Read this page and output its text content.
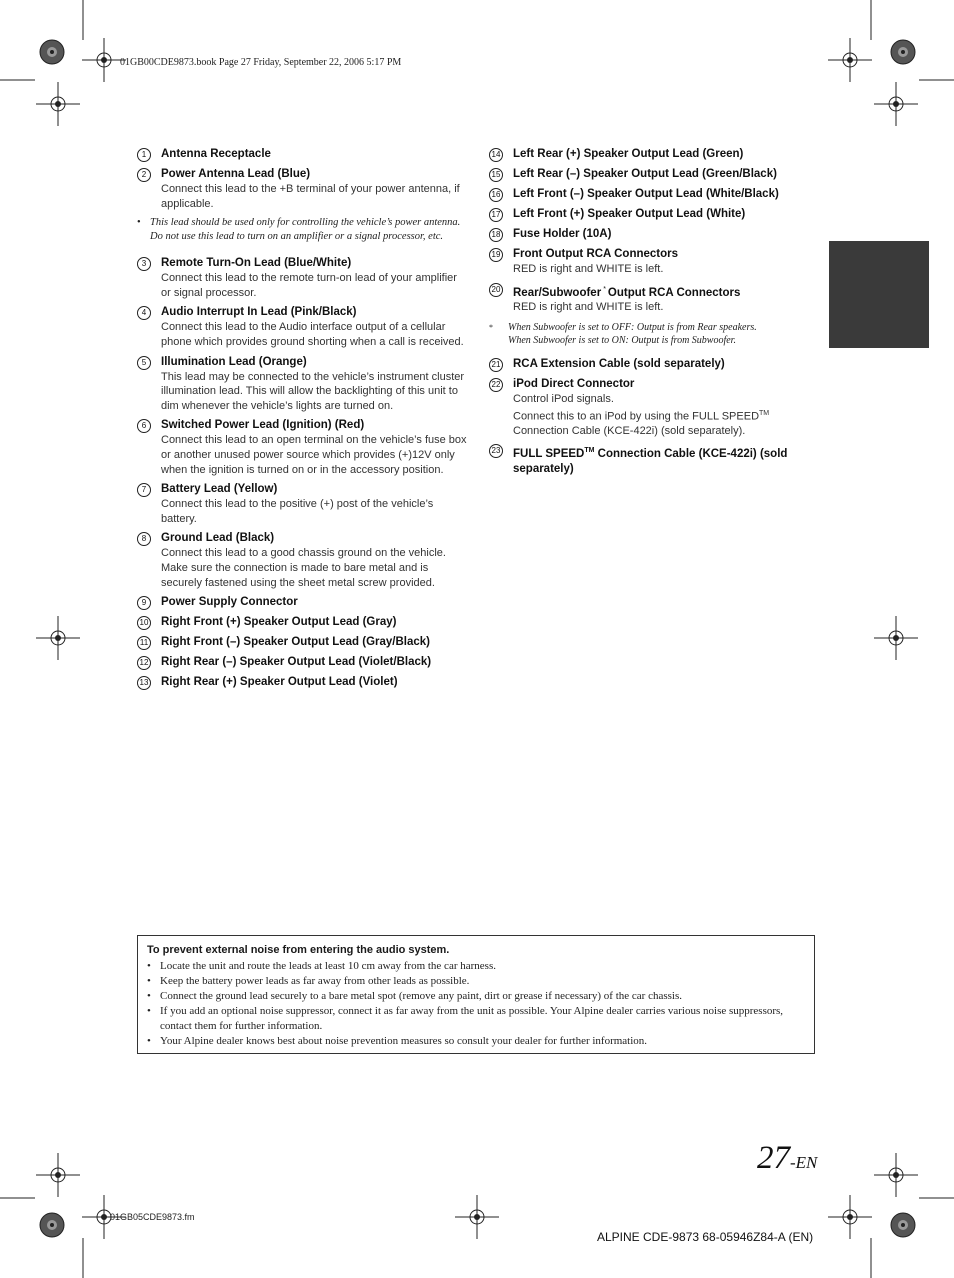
01GB00CDE9873.book Page 27 Friday, September 22, 2006 5:17 PM
1	Antenna Receptacle
2	Power Antenna Lead (Blue)
Connect this lead to the +B terminal of your power antenna, if applicable.
• This lead should be used only for controlling the vehicle’s power antenna. Do not use this lead to turn on an amplifier or a signal processor, etc.
3	Remote Turn-On Lead (Blue/White)
Connect this lead to the remote turn-on lead of your amplifier or signal processor.
4	Audio Interrupt In Lead (Pink/Black)
Connect this lead to the Audio interface output of a cellular phone which provides ground shorting when a call is received.
5	Illumination Lead (Orange)
This lead may be connected to the vehicle’s instrument cluster illumination lead. This will allow the backlighting of this unit to dim whenever the vehicle’s lights are turned on.
6	Switched Power Lead (Ignition) (Red)
Connect this lead to an open terminal on the vehicle’s fuse box or another unused power source which provides (+)12V only when the ignition is turned on or in the accessory position.
7	Battery Lead (Yellow)
Connect this lead to the positive (+) post of the vehicle’s battery.
8	Ground Lead (Black)
Connect this lead to a good chassis ground on the vehicle. Make sure the connection is made to bare metal and is securely fastened using the sheet metal screw provided.
9	Power Supply Connector
10 Right Front (+) Speaker Output Lead (Gray)
11 Right Front (–) Speaker Output Lead (Gray/Black)
12 Right Rear (–) Speaker Output Lead (Violet/Black)
13 Right Rear (+) Speaker Output Lead (Violet)
14 Left Rear (+) Speaker Output Lead (Green)
15 Left Rear (–) Speaker Output Lead (Green/Black)
16 Left Front (–) Speaker Output Lead (White/Black)
17 Left Front (+) Speaker Output Lead (White)
18 Fuse Holder (10A)
19 Front Output RCA Connectors
RED is right and WHITE is left.
20 Rear/Subwoofer * Output RCA Connectors
RED is right and WHITE is left.
*	When Subwoofer is set to OFF: Output is from Rear speakers.
When Subwoofer is set to ON: Output is from Subwoofer.
21 RCA Extension Cable (sold separately)
22 iPod Direct Connector
Control iPod signals.
Connect this to an iPod by using the FULL SPEED™ Connection Cable (KCE-422i) (sold separately).
23 FULL SPEED™ Connection Cable (KCE-422i) (sold separately)
To prevent external noise from entering the audio system.
• Locate the unit and route the leads at least 10 cm away from the car harness.
• Keep the battery power leads as far away from other leads as possible.
• Connect the ground lead securely to a bare metal spot (remove any paint, dirt or grease if necessary) of the car chassis.
• If you add an optional noise suppressor, connect it as far away from the unit as possible. Your Alpine dealer carries various noise suppressors, contact them for further information.
• Your Alpine dealer knows best about noise prevention measures so consult your dealer for further information.
27-EN
01GB05CDE9873.fm
ALPINE CDE-9873 68-05946Z84-A (EN)
